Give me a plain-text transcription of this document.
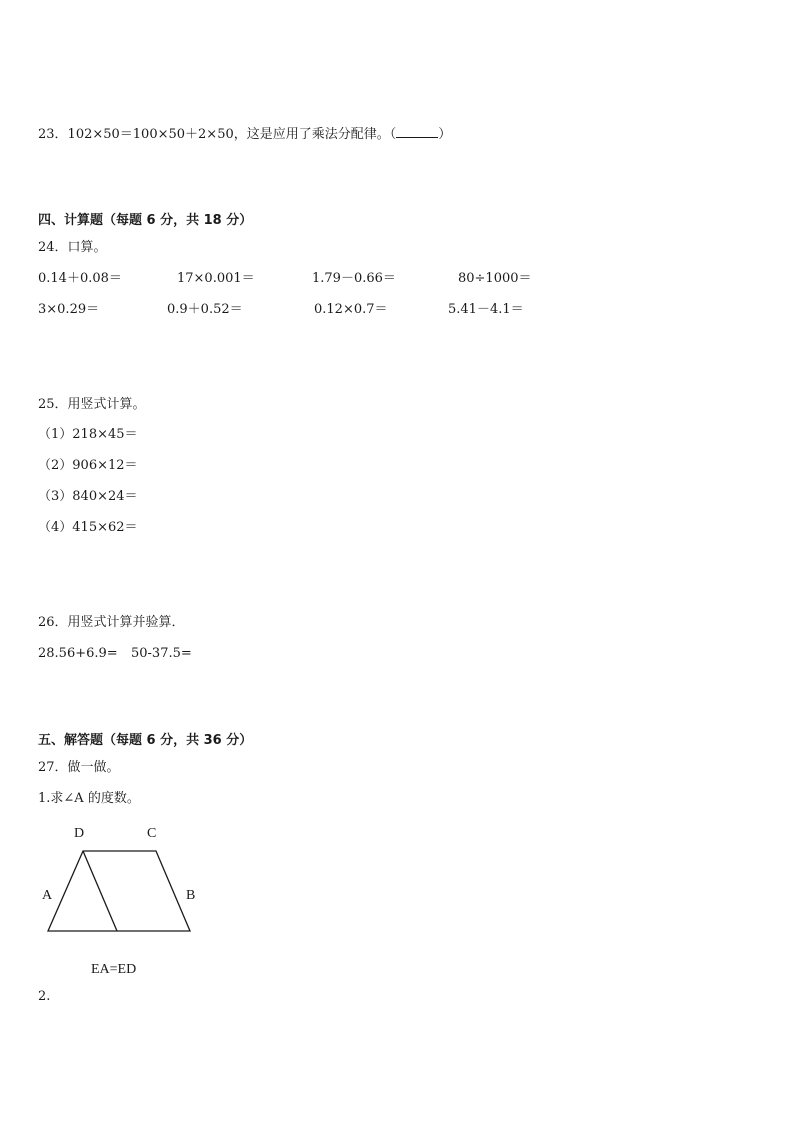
23．102×50＝100×50＋2×50，这是应用了乘法分配律。（	）
四、计算题（每题 6 分，共 18 分）
24．口算。
0.14＋0.08＝	17×0.001＝	1.79－0.66＝	80÷1000＝
3×0.29＝	0.9＋0.52＝	0.12×0.7＝	5.41－4.1＝
25．用竖式计算。
（1）218×45＝
（2）906×12＝
（3）840×24＝
（4）415×62＝
26．用竖式计算并验算．
28.56+6.9= 50-37.5=
五、解答题（每题 6 分，共 36 分）
27．做一做。
1.求∠A 的度数。
D	C
A	B
EA=ED
2.
